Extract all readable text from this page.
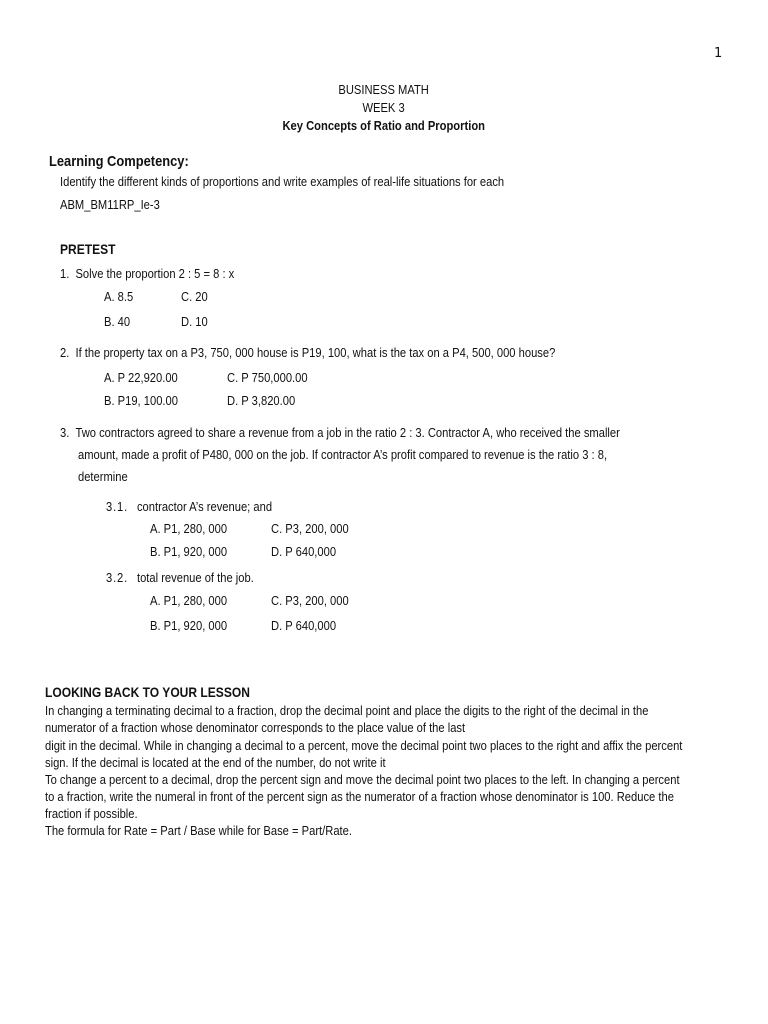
1
BUSINESS MATH
WEEK 3
Key Concepts of Ratio and Proportion
Learning Competency:
Identify the different kinds of proportions and write examples of real-life situations for each
ABM_BM11RP_Ie-3
PRETEST
1. Solve the proportion 2 : 5 = 8 : x
A. 8.5	C. 20
B. 40	D. 10
2. If the property tax on a P3, 750, 000 house is P19, 100, what is the tax on a P4, 500, 000 house?
A. P 22,920.00	C. P 750,000.00
B. P19, 100.00	D. P 3,820.00
3. Two contractors agreed to share a revenue from a job in the ratio 2 : 3. Contractor A, who received the smaller
amount, made a profit of P480, 000 on the job. If contractor A’s profit compared to revenue is the ratio 3 : 8,
determine
3.1. contractor A’s revenue; and
A. P1, 280, 000	C. P3, 200, 000
B. P1, 920, 000	D. P 640,000
3.2. total revenue of the job.
A. P1, 280, 000	C. P3, 200, 000
B. P1, 920, 000	D. P 640,000
LOOKING BACK TO YOUR LESSON
In changing a terminating decimal to a fraction, drop the decimal point and place the digits to the right of the decimal in the
numerator of a fraction whose denominator corresponds to the place value of the last
digit in the decimal. While in changing a decimal to a percent, move the decimal point two places to the right and affix the percent
sign. If the decimal is located at the end of the number, do not write it
To change a percent to a decimal, drop the percent sign and move the decimal point two places to the left. In changing a percent
to a fraction, write the numeral in front of the percent sign as the numerator of a fraction whose denominator is 100. Reduce the
fraction if possible.
The formula for Rate = Part / Base while for Base = Part/Rate.
